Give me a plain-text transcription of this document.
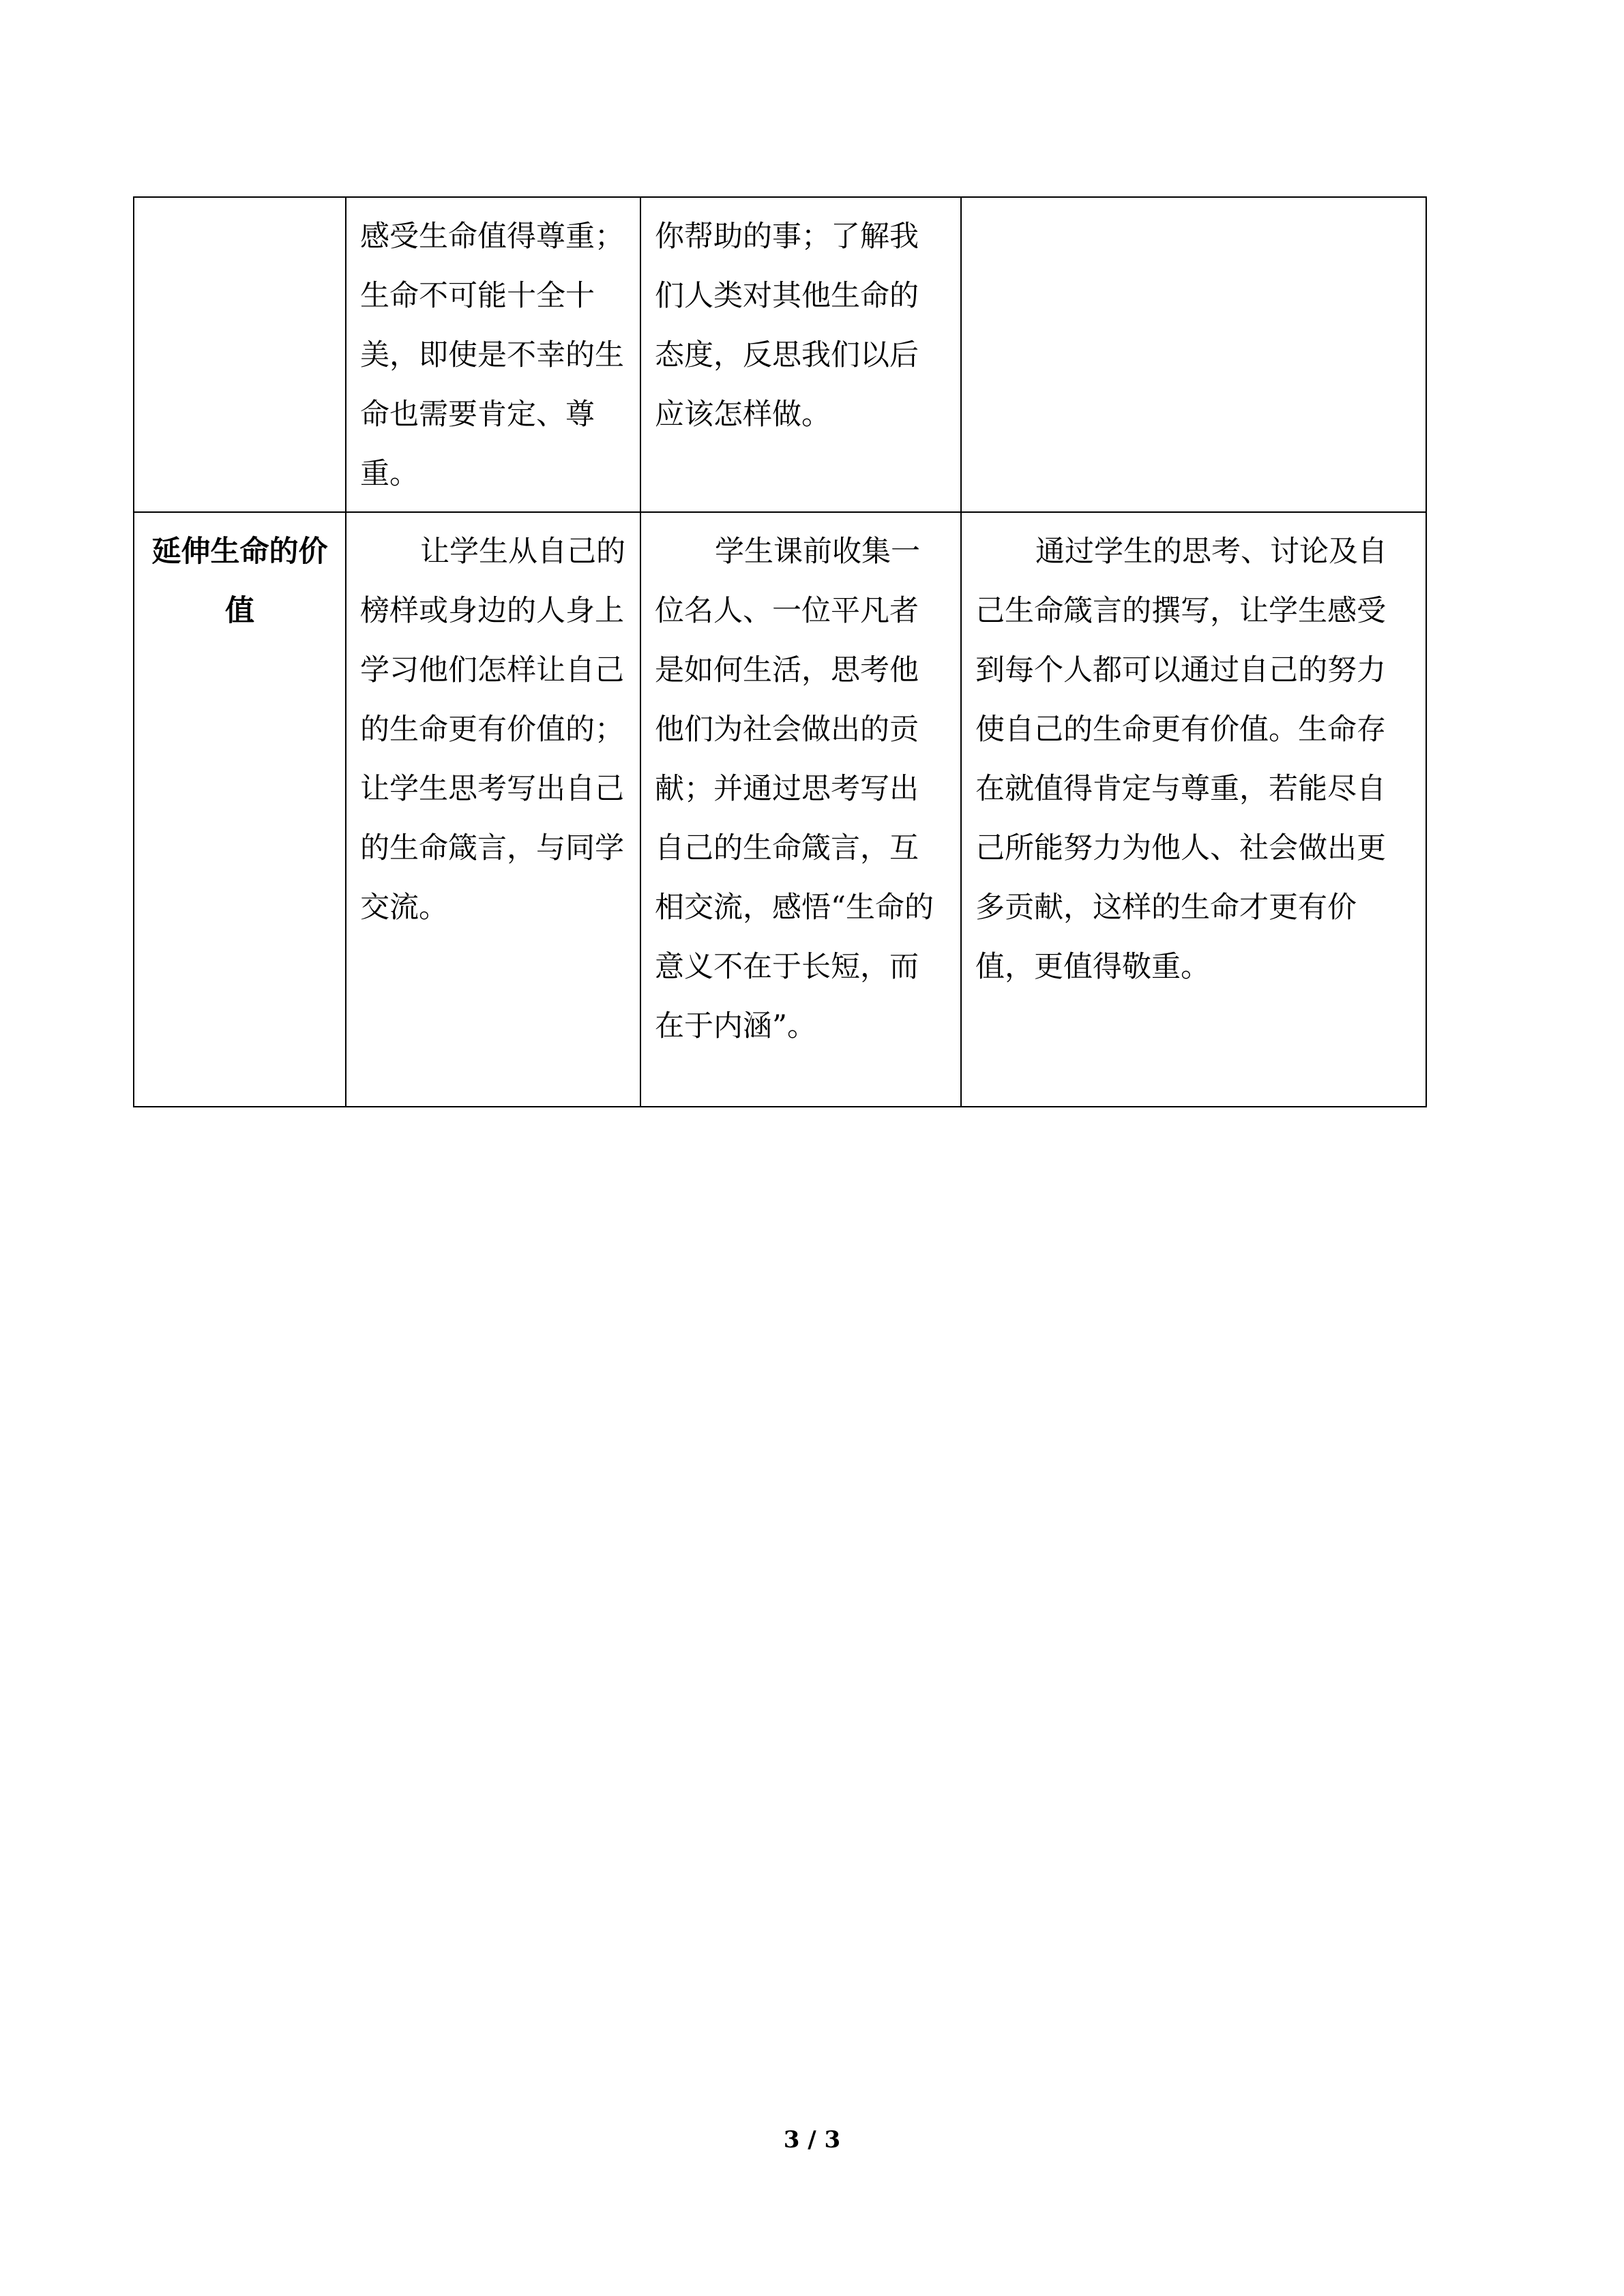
	感受生命值得尊重；生命不可能十全十美，即使是不幸的生命也需要肯定、尊重。	你帮助的事；了解我们人类对其他生命的态度，反思我们以后应该怎样做。	

延伸生命的价值	让学生从自己的榜样或身边的人身上学习他们怎样让自己的生命更有价值的；让学生思考写出自己的生命箴言，与同学交流。	学生课前收集一位名人、一位平凡者是如何生活，思考他他们为社会做出的贡献；并通过思考写出自己的生命箴言，互相交流，感悟“生命的意义不在于长短，而在于内涵”。	通过学生的思考、讨论及自己生命箴言的撰写，让学生感受到每个人都可以通过自己的努力使自己的生命更有价值。生命存在就值得肯定与尊重，若能尽自己所能努力为他人、社会做出更多贡献，这样的生命才更有价值，更值得敬重。
3 / 3
